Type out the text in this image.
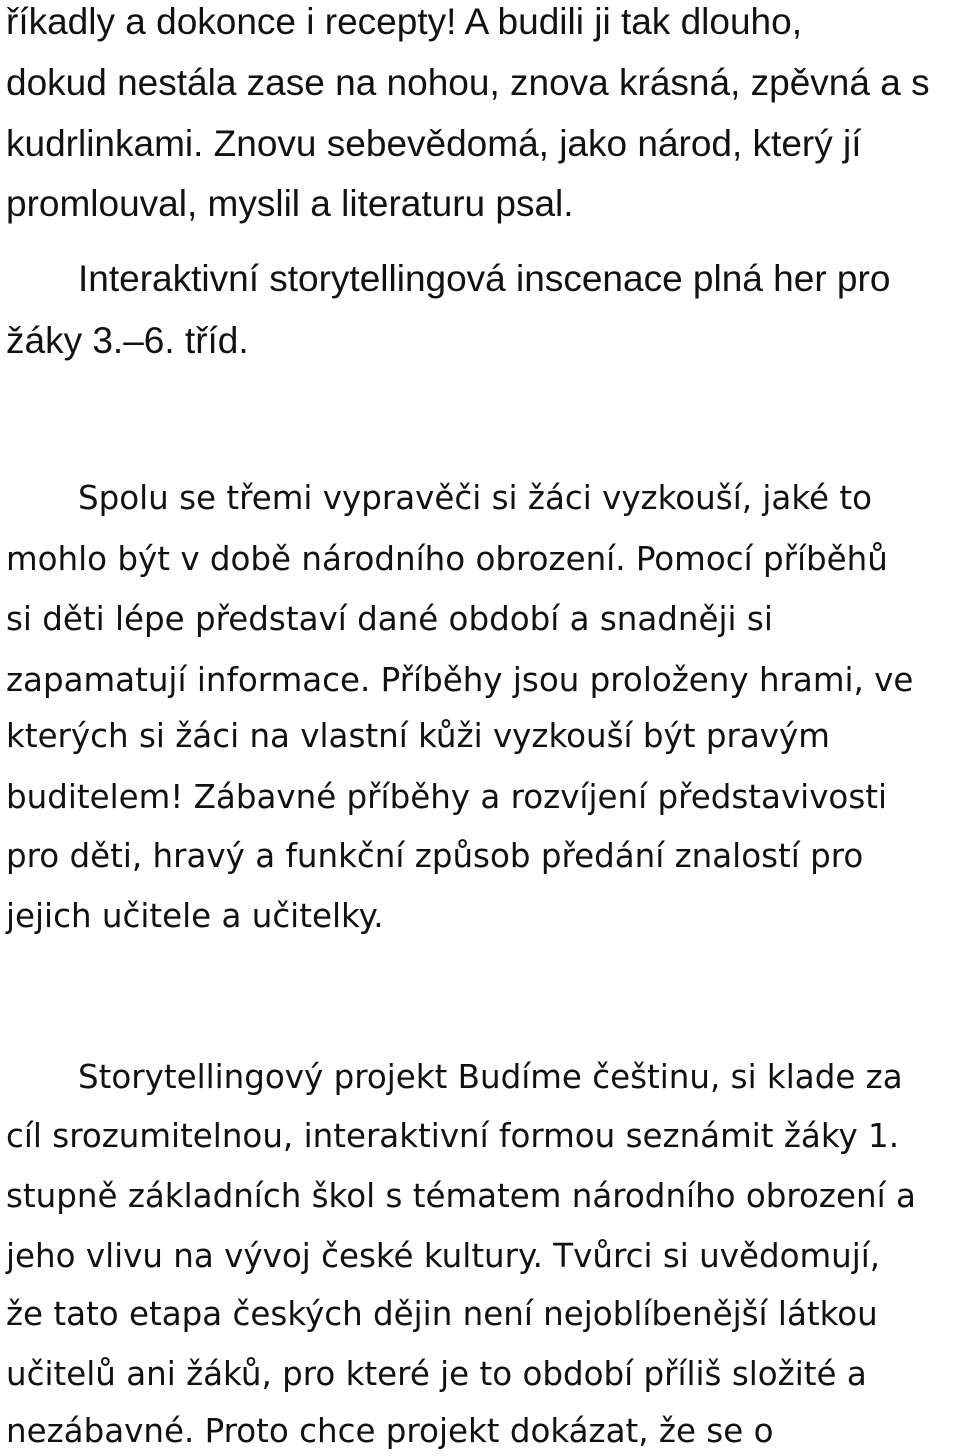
říkadly a dokonce i recepty! A budili ji tak dlouho,
dokud nestála zase na nohou, znova krásná, zpěvná a s
kudrlinkami. Znovu sebevědomá, jako národ, který jí
promlouval, myslil a literaturu psal.
Interaktivní storytellingová inscenace plná her pro
žáky 3.–6. tříd.
Spolu se třemi vypravěči si žáci vyzkouší, jaké to
mohlo být v době národního obrození. Pomocí příběhů
si děti lépe představí dané období a snadněji si
zapamatují informace. Příběhy jsou proloženy hrami, ve
kterých si žáci na vlastní kůži vyzkouší být pravým
buditelem! Zábavné příběhy a rozvíjení představivosti
pro děti, hravý a funkční způsob předání znalostí pro
jejich učitele a učitelky.
Storytellingový projekt Budíme češtinu, si klade za
cíl srozumitelnou, interaktivní formou seznámit žáky 1.
stupně základních škol s tématem národního obrození a
jeho vlivu na vývoj české kultury. Tvůrci si uvědomují,
že tato etapa českých dějin není nejoblíbenější látkou
učitelů ani žáků, pro které je to období příliš složité a
nezábavné. Proto chce projekt dokázat, že se o
